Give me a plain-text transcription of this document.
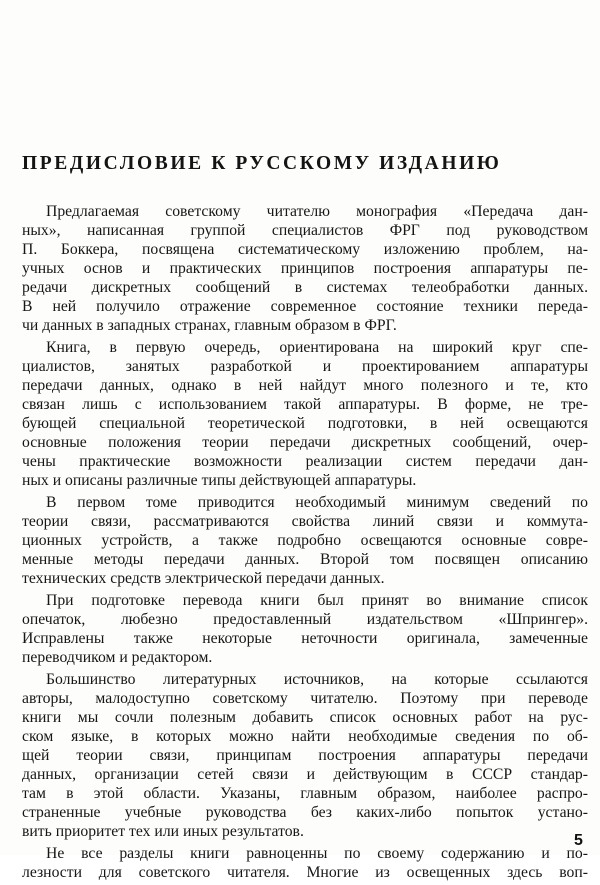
ПРЕДИСЛОВИЕ К РУССКОМУ ИЗДАНИЮ
Предлагаемая советскому читателю монография «Передача дан-
ных», написанная группой специалистов ФРГ под руководством
П. Боккера, посвящена систематическому изложению проблем, на-
учных основ и практических принципов построения аппаратуры пе-
редачи дискретных сообщений в системах телеобработки данных.
В ней получило отражение современное состояние техники переда-
чи данных в западных странах, главным образом в ФРГ.
Книга, в первую очередь, ориентирована на широкий круг спе-
циалистов, занятых разработкой и проектированием аппаратуры
передачи данных, однако в ней найдут много полезного и те, кто
связан лишь с использованием такой аппаратуры. В форме, не тре-
бующей специальной теоретической подготовки, в ней освещаются
основные положения теории передачи дискретных сообщений, очер-
чены практические возможности реализации систем передачи дан-
ных и описаны различные типы действующей аппаратуры.
В первом томе приводится необходимый минимум сведений по
теории связи, рассматриваются свойства линий связи и коммута-
ционных устройств, а также подробно освещаются основные совре-
менные методы передачи данных. Второй том посвящен описанию
технических средств электрической передачи данных.
При подготовке перевода книги был принят во внимание список
опечаток, любезно предоставленный издательством «Шпрингер».
Исправлены также некоторые неточности оригинала, замеченные
переводчиком и редактором.
Большинство литературных источников, на которые ссылаются
авторы, малодоступно советскому читателю. Поэтому при переводе
книги мы сочли полезным добавить список основных работ на рус-
ском языке, в которых можно найти необходимые сведения по об-
щей теории связи, принципам построения аппаратуры передачи
данных, организации сетей связи и действующим в СССР стандар-
там в этой области. Указаны, главным образом, наиболее распро-
страненные учебные руководства без каких-либо попыток устано-
вить приоритет тех или иных результатов.
Не все разделы книги равноценны по своему содержанию и по-
лезности для советского читателя. Многие из освещенных здесь воп-
5
